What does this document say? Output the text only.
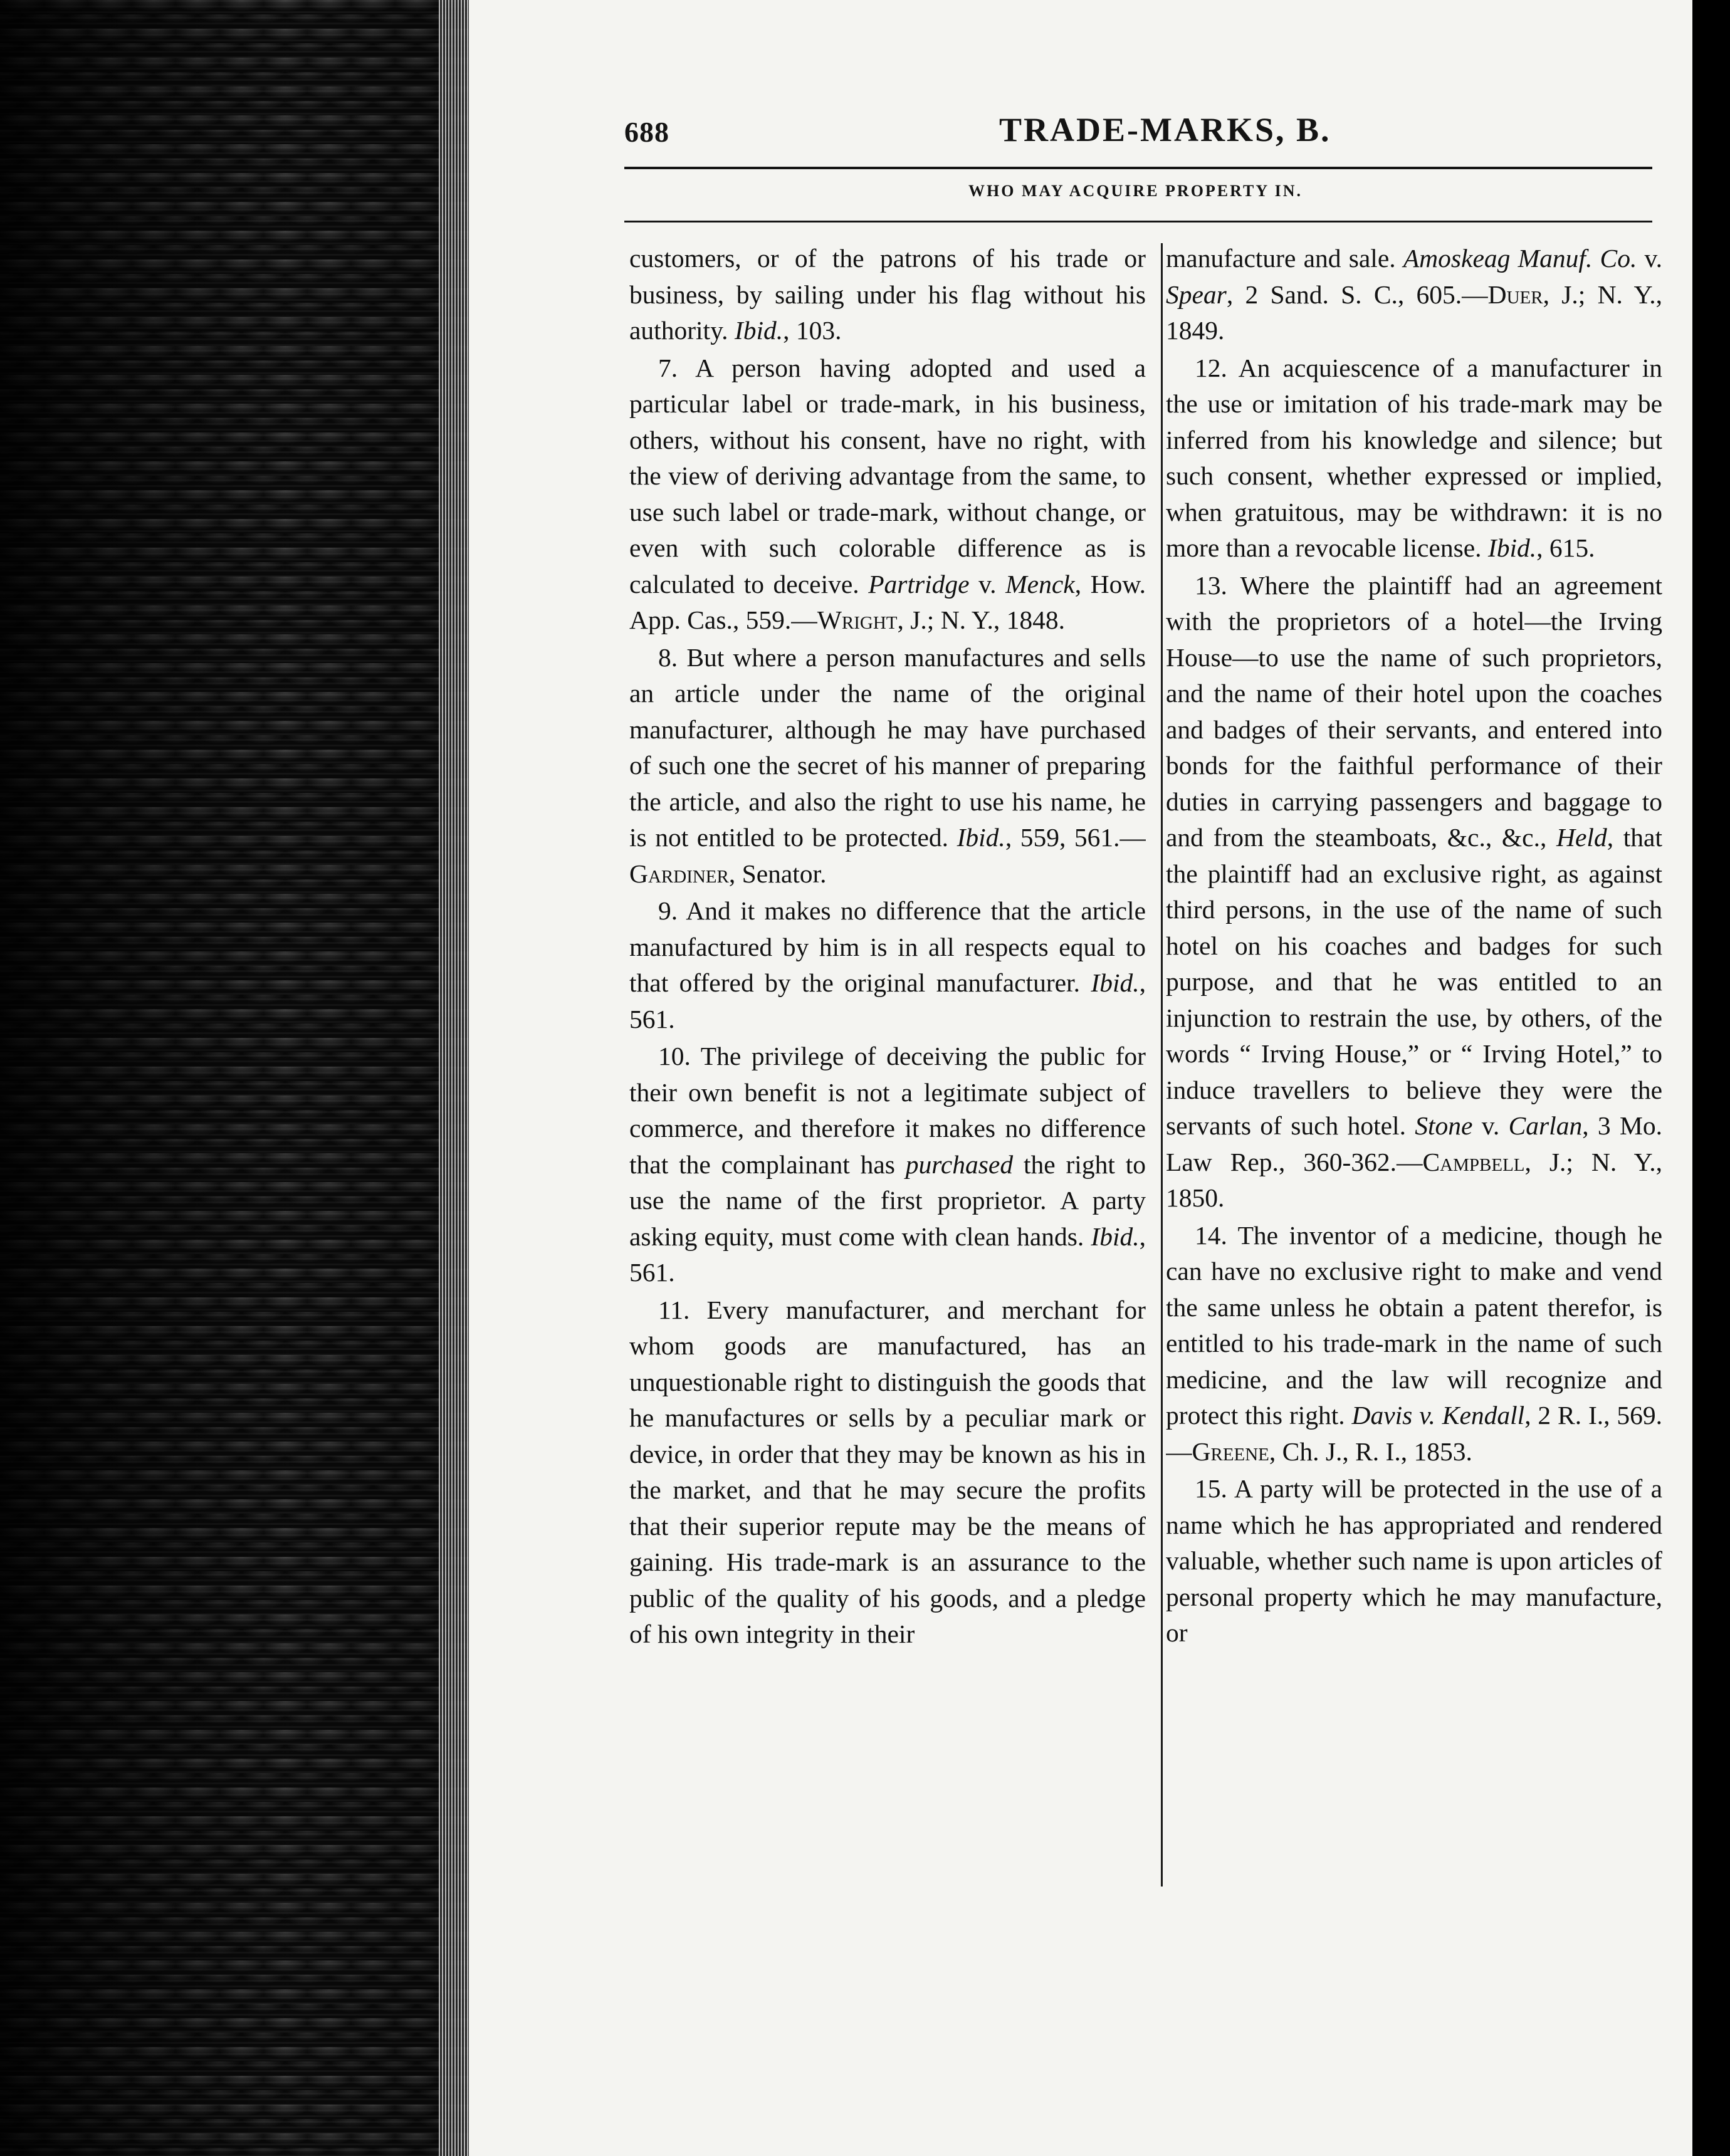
688	TRADE-MARKS, B.
WHO MAY ACQUIRE PROPERTY IN.

customers, or of the patrons of his trade or business, by sailing under his flag without his authority. Ibid., 103.

7. A person having adopted and used a particular label or trade-mark, in his business, others, without his consent, have no right, with the view of deriving advantage from the same, to use such label or trade-mark, without change, or even with such colorable difference as is calculated to deceive. Partridge v. Menck, How. App. Cas., 559.—Wright, J.; N. Y., 1848.

8. But where a person manufactures and sells an article under the name of the original manufacturer, although he may have purchased of such one the secret of his manner of preparing the article, and also the right to use his name, he is not entitled to be protected. Ibid., 559, 561.—Gardiner, Senator.

9. And it makes no difference that the article manufactured by him is in all respects equal to that offered by the original manufacturer. Ibid., 561.

10. The privilege of deceiving the public for their own benefit is not a legitimate subject of commerce, and therefore it makes no difference that the complainant has purchased the right to use the name of the first proprietor. A party asking equity, must come with clean hands. Ibid., 561.

11. Every manufacturer, and merchant for whom goods are manufactured, has an unquestionable right to distinguish the goods that he manufactures or sells by a peculiar mark or device, in order that they may be known as his in the market, and that he may secure the profits that their superior repute may be the means of gaining. His trade-mark is an assurance to the public of the quality of his goods, and a pledge of his own integrity in their

manufacture and sale. Amoskeag Manuf. Co. v. Spear, 2 Sand. S. C., 605.—Duer, J.; N. Y., 1849.

12. An acquiescence of a manufacturer in the use or imitation of his trade-mark may be inferred from his knowledge and silence; but such consent, whether expressed or implied, when gratuitous, may be withdrawn: it is no more than a revocable license. Ibid., 615.

13. Where the plaintiff had an agreement with the proprietors of a hotel—the Irving House—to use the name of such proprietors, and the name of their hotel upon the coaches and badges of their servants, and entered into bonds for the faithful performance of their duties in carrying passengers and baggage to and from the steamboats, &c., &c., Held, that the plaintiff had an exclusive right, as against third persons, in the use of the name of such hotel on his coaches and badges for such purpose, and that he was entitled to an injunction to restrain the use, by others, of the words “ Irving House,” or “ Irving Hotel,” to induce travellers to believe they were the servants of such hotel. Stone v. Carlan, 3 Mo. Law Rep., 360-362.—Campbell, J.; N. Y., 1850.

14. The inventor of a medicine, though he can have no exclusive right to make and vend the same unless he obtain a patent therefor, is entitled to his trade-mark in the name of such medicine, and the law will recognize and protect this right. Davis v. Kendall, 2 R. I., 569.—Greene, Ch. J., R. I., 1853.

15. A party will be protected in the use of a name which he has appropriated and rendered valuable, whether such name is upon articles of personal property which he may manufacture, or
